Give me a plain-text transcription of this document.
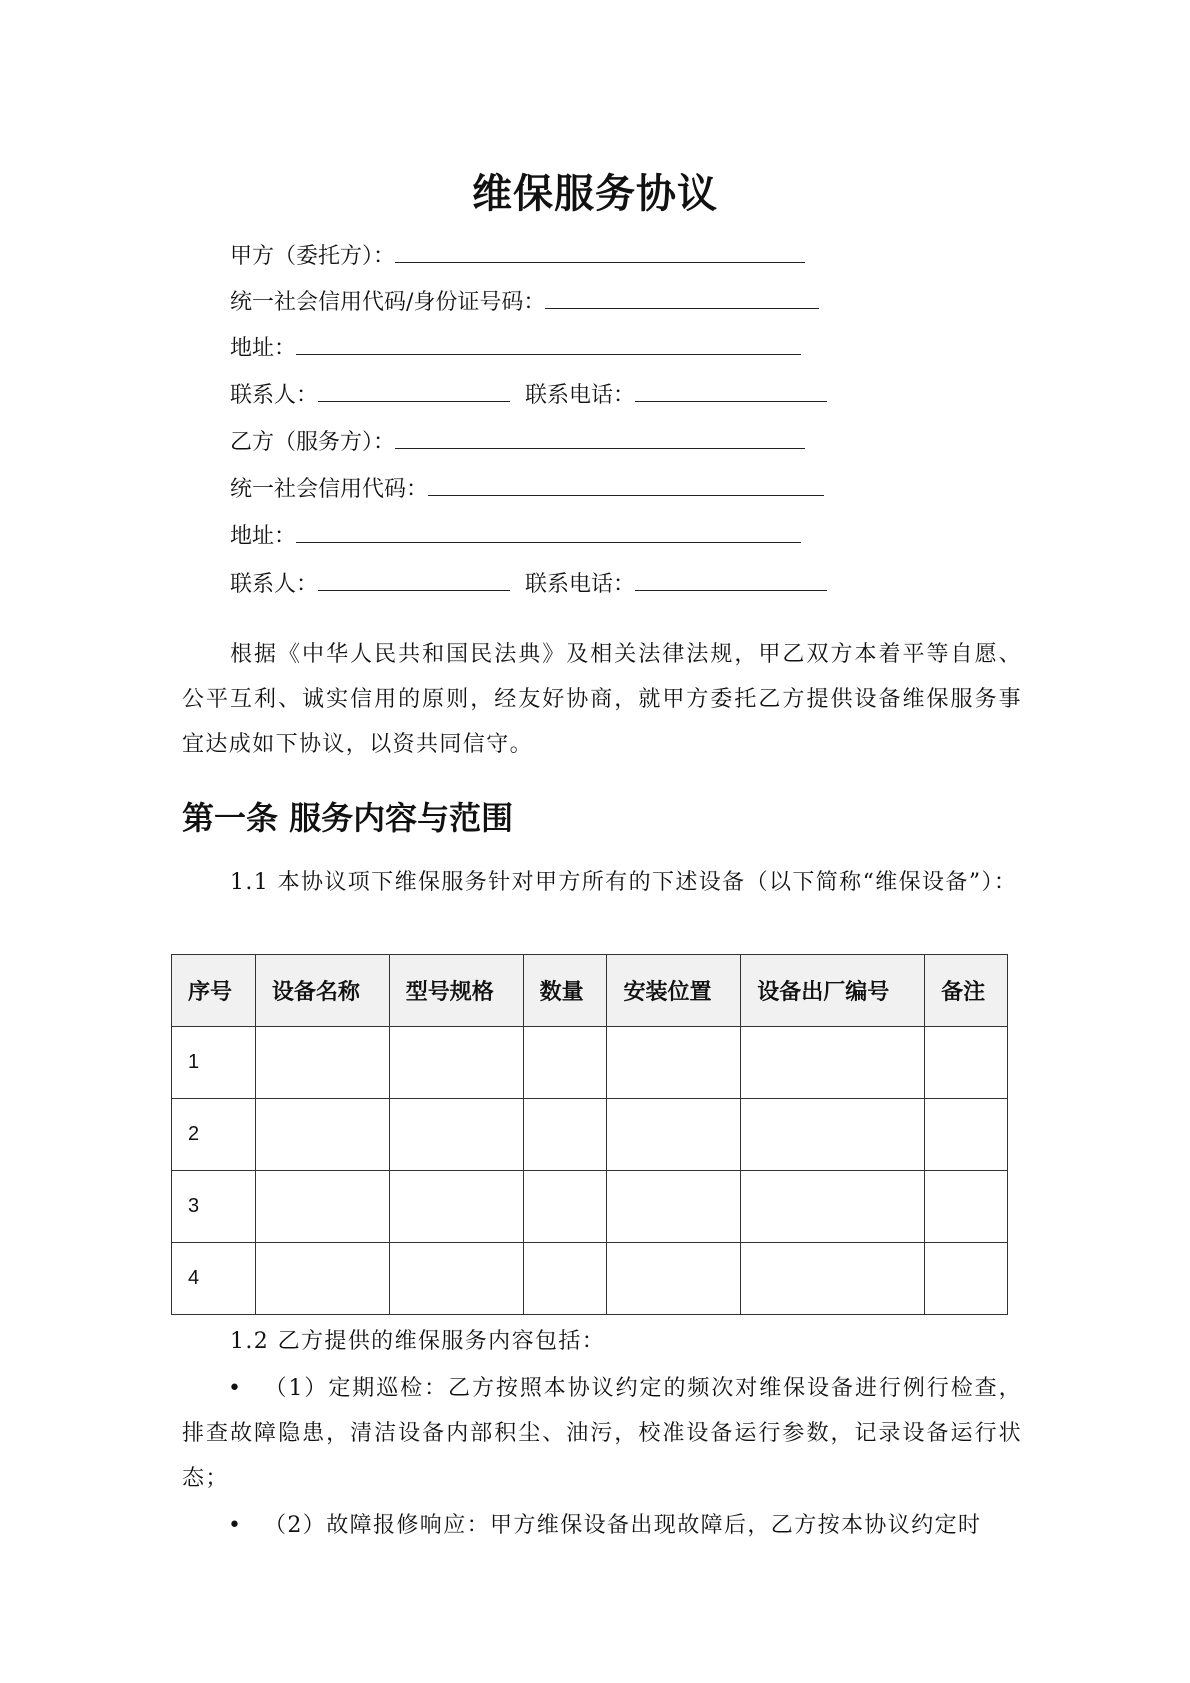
维保服务协议
甲方（委托方）：
统一社会信用代码/身份证号码：
地址：
联系人：	联系电话：
乙方（服务方）：
统一社会信用代码：
地址：
联系人：	联系电话：
根据《中华人民共和国民法典》及相关法律法规，甲乙双方本着平等自愿、公平互利、诚实信用的原则，经友好协商，就甲方委托乙方提供设备维保服务事宜达成如下协议，以资共同信守。
第一条 服务内容与范围
1.1 本协议项下维保服务针对甲方所有的下述设备（以下简称“维保设备”）：
序号	设备名称	型号规格	数量	安装位置	设备出厂编号	备注
1						
2						
3						
4						
1.2 乙方提供的维保服务内容包括：
• （1）定期巡检：乙方按照本协议约定的频次对维保设备进行例行检查，排查故障隐患，清洁设备内部积尘、油污，校准设备运行参数，记录设备运行状态；
• （2）故障报修响应：甲方维保设备出现故障后，乙方按本协议约定时
